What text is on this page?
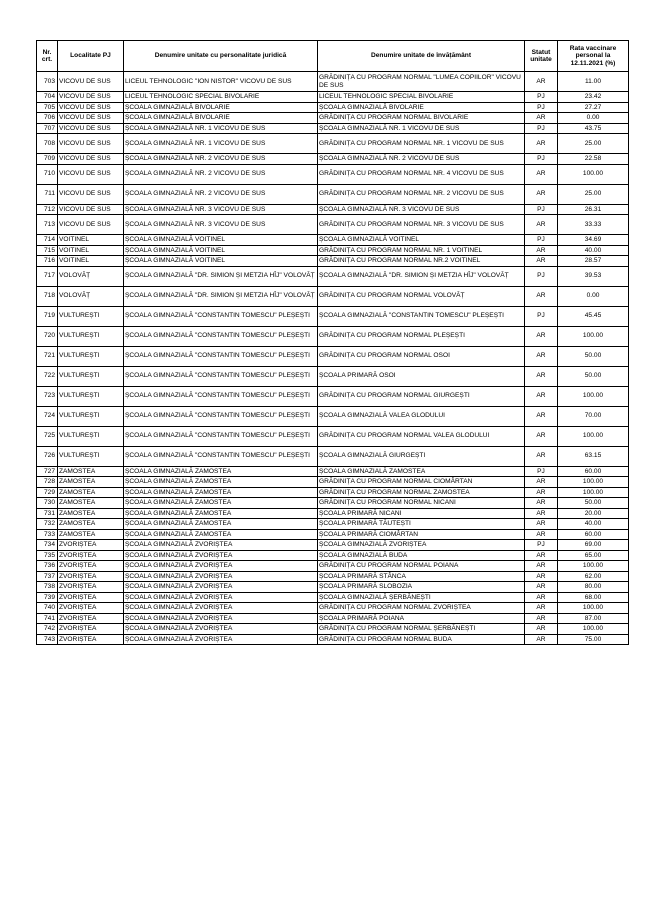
Nr. crt.	Localitate PJ	Denumire unitate cu personalitate juridică	Denumire unitate de învățământ	Statut unitate	Rata vaccinare personal la 12.11.2021 (%)
703	VICOVU DE SUS	LICEUL TEHNOLOGIC "ION NISTOR" VICOVU DE SUS	GRĂDINIȚA CU PROGRAM NORMAL "LUMEA COPIILOR" VICOVU DE SUS	AR	11.00
704	VICOVU DE SUS	LICEUL TEHNOLOGIC SPECIAL BIVOLARIE	LICEUL TEHNOLOGIC SPECIAL BIVOLARIE	PJ	23.42
705	VICOVU DE SUS	ȘCOALA GIMNAZIALĂ BIVOLARIE	ȘCOALA GIMNAZIALĂ BIVOLARIE	PJ	27.27
706	VICOVU DE SUS	ȘCOALA GIMNAZIALĂ BIVOLARIE	GRĂDINIȚA CU PROGRAM NORMAL BIVOLARIE	AR	0.00
707	VICOVU DE SUS	ȘCOALA GIMNAZIALĂ NR. 1 VICOVU DE SUS	ȘCOALA GIMNAZIALĂ NR. 1 VICOVU DE SUS	PJ	43.75
708	VICOVU DE SUS	ȘCOALA GIMNAZIALĂ NR. 1 VICOVU DE SUS	GRĂDINIȚA CU PROGRAM NORMAL NR. 1 VICOVU DE SUS	AR	25.00
709	VICOVU DE SUS	ȘCOALA GIMNAZIALĂ NR. 2 VICOVU DE SUS	ȘCOALA GIMNAZIALĂ NR. 2 VICOVU DE SUS	PJ	22.58
710	VICOVU DE SUS	ȘCOALA GIMNAZIALĂ NR. 2 VICOVU DE SUS	GRĂDINIȚA CU PROGRAM NORMAL NR. 4 VICOVU DE SUS	AR	100.00
711	VICOVU DE SUS	ȘCOALA GIMNAZIALĂ NR. 2 VICOVU DE SUS	GRĂDINIȚA CU PROGRAM NORMAL NR. 2 VICOVU DE SUS	AR	25.00
712	VICOVU DE SUS	ȘCOALA GIMNAZIALĂ NR. 3 VICOVU DE SUS	ȘCOALA GIMNAZIALĂ NR. 3 VICOVU DE SUS	PJ	26.31
713	VICOVU DE SUS	ȘCOALA GIMNAZIALĂ NR. 3 VICOVU DE SUS	GRĂDINIȚA CU PROGRAM NORMAL NR. 3 VICOVU DE SUS	AR	33.33
714	VOITINEL	ȘCOALA GIMNAZIALĂ VOITINEL	ȘCOALA GIMNAZIALĂ VOITINEL	PJ	34.69
715	VOITINEL	ȘCOALA GIMNAZIALĂ VOITINEL	GRĂDINIȚA CU PROGRAM NORMAL NR. 1 VOITINEL	AR	40.00
716	VOITINEL	ȘCOALA GIMNAZIALĂ VOITINEL	GRĂDINIȚA CU PROGRAM NORMAL NR.2 VOITINEL	AR	28.57
717	VOLOVĂȚ	ȘCOALA GIMNAZIALĂ "DR. SIMION ȘI METZIA HÎJ" VOLOVĂȚ	ȘCOALA GIMNAZIALĂ "DR. SIMION ȘI METZIA HÎJ" VOLOVĂȚ	PJ	39.53
718	VOLOVĂȚ	ȘCOALA GIMNAZIALĂ "DR. SIMION ȘI METZIA HÎJ" VOLOVĂȚ	GRĂDINIȚA CU PROGRAM NORMAL VOLOVĂȚ	AR	0.00
719	VULTUREȘTI	ȘCOALA GIMNAZIALĂ "CONSTANTIN TOMESCU" PLEȘEȘTI	ȘCOALA GIMNAZIALĂ "CONSTANTIN TOMESCU" PLEȘEȘTI	PJ	45.45
720	VULTUREȘTI	ȘCOALA GIMNAZIALĂ "CONSTANTIN TOMESCU" PLEȘEȘTI	GRĂDINIȚA CU PROGRAM NORMAL PLEȘEȘTI	AR	100.00
721	VULTUREȘTI	ȘCOALA GIMNAZIALĂ "CONSTANTIN TOMESCU" PLEȘEȘTI	GRĂDINIȚA CU PROGRAM NORMAL OSOI	AR	50.00
722	VULTUREȘTI	ȘCOALA GIMNAZIALĂ "CONSTANTIN TOMESCU" PLEȘEȘTI	ȘCOALA PRIMARĂ OSOI	AR	50.00
723	VULTUREȘTI	ȘCOALA GIMNAZIALĂ "CONSTANTIN TOMESCU" PLEȘEȘTI	GRĂDINIȚA CU PROGRAM NORMAL GIURGEȘTI	AR	100.00
724	VULTUREȘTI	ȘCOALA GIMNAZIALĂ "CONSTANTIN TOMESCU" PLEȘEȘTI	ȘCOALA GIMNAZIALĂ VALEA GLODULUI	AR	70.00
725	VULTUREȘTI	ȘCOALA GIMNAZIALĂ "CONSTANTIN TOMESCU" PLEȘEȘTI	GRĂDINIȚA CU PROGRAM NORMAL VALEA GLODULUI	AR	100.00
726	VULTUREȘTI	ȘCOALA GIMNAZIALĂ "CONSTANTIN TOMESCU" PLEȘEȘTI	ȘCOALA GIMNAZIALĂ GIURGEȘTI	AR	63.15
727	ZAMOSTEA	ȘCOALA GIMNAZIALĂ ZAMOSTEA	ȘCOALA GIMNAZIALĂ ZAMOSTEA	PJ	60.00
728	ZAMOSTEA	ȘCOALA GIMNAZIALĂ ZAMOSTEA	GRĂDINIȚA CU PROGRAM NORMAL CIOMÂRTAN	AR	100.00
729	ZAMOSTEA	ȘCOALA GIMNAZIALĂ ZAMOSTEA	GRĂDINIȚA CU PROGRAM NORMAL ZAMOSTEA	AR	100.00
730	ZAMOSTEA	ȘCOALA GIMNAZIALĂ ZAMOSTEA	GRĂDINIȚA CU PROGRAM NORMAL NICANI	AR	50.00
731	ZAMOSTEA	ȘCOALA GIMNAZIALĂ ZAMOSTEA	ȘCOALA PRIMARĂ NICANI	AR	20.00
732	ZAMOSTEA	ȘCOALA GIMNAZIALĂ ZAMOSTEA	ȘCOALA PRIMARĂ TĂUTEȘTI	AR	40.00
733	ZAMOSTEA	ȘCOALA GIMNAZIALĂ ZAMOSTEA	ȘCOALA PRIMARĂ CIOMÂRTAN	AR	60.00
734	ZVORIȘTEA	ȘCOALA GIMNAZIALĂ ZVORIȘTEA	ȘCOALA GIMNAZIALĂ ZVORIȘTEA	PJ	69.00
735	ZVORIȘTEA	ȘCOALA GIMNAZIALĂ ZVORIȘTEA	ȘCOALA GIMNAZIALĂ BUDA	AR	65.00
736	ZVORIȘTEA	ȘCOALA GIMNAZIALĂ ZVORIȘTEA	GRĂDINIȚA CU PROGRAM NORMAL POIANA	AR	100.00
737	ZVORIȘTEA	ȘCOALA GIMNAZIALĂ ZVORIȘTEA	ȘCOALA PRIMARĂ STÂNCA	AR	62.00
738	ZVORIȘTEA	ȘCOALA GIMNAZIALĂ ZVORIȘTEA	ȘCOALA PRIMARĂ SLOBOZIA	AR	80.00
739	ZVORIȘTEA	ȘCOALA GIMNAZIALĂ ZVORIȘTEA	ȘCOALA GIMNAZIALĂ ȘERBĂNEȘTI	AR	68.00
740	ZVORIȘTEA	ȘCOALA GIMNAZIALĂ ZVORIȘTEA	GRĂDINIȚA CU PROGRAM NORMAL ZVORIȘTEA	AR	100.00
741	ZVORIȘTEA	ȘCOALA GIMNAZIALĂ ZVORIȘTEA	ȘCOALA PRIMARĂ POIANA	AR	87.00
742	ZVORIȘTEA	ȘCOALA GIMNAZIALĂ ZVORIȘTEA	GRĂDINIȚA CU PROGRAM NORMAL ȘERBĂNEȘTI	AR	100.00
743	ZVORIȘTEA	ȘCOALA GIMNAZIALĂ ZVORIȘTEA	GRĂDINIȚA CU PROGRAM NORMAL BUDA	AR	75.00
